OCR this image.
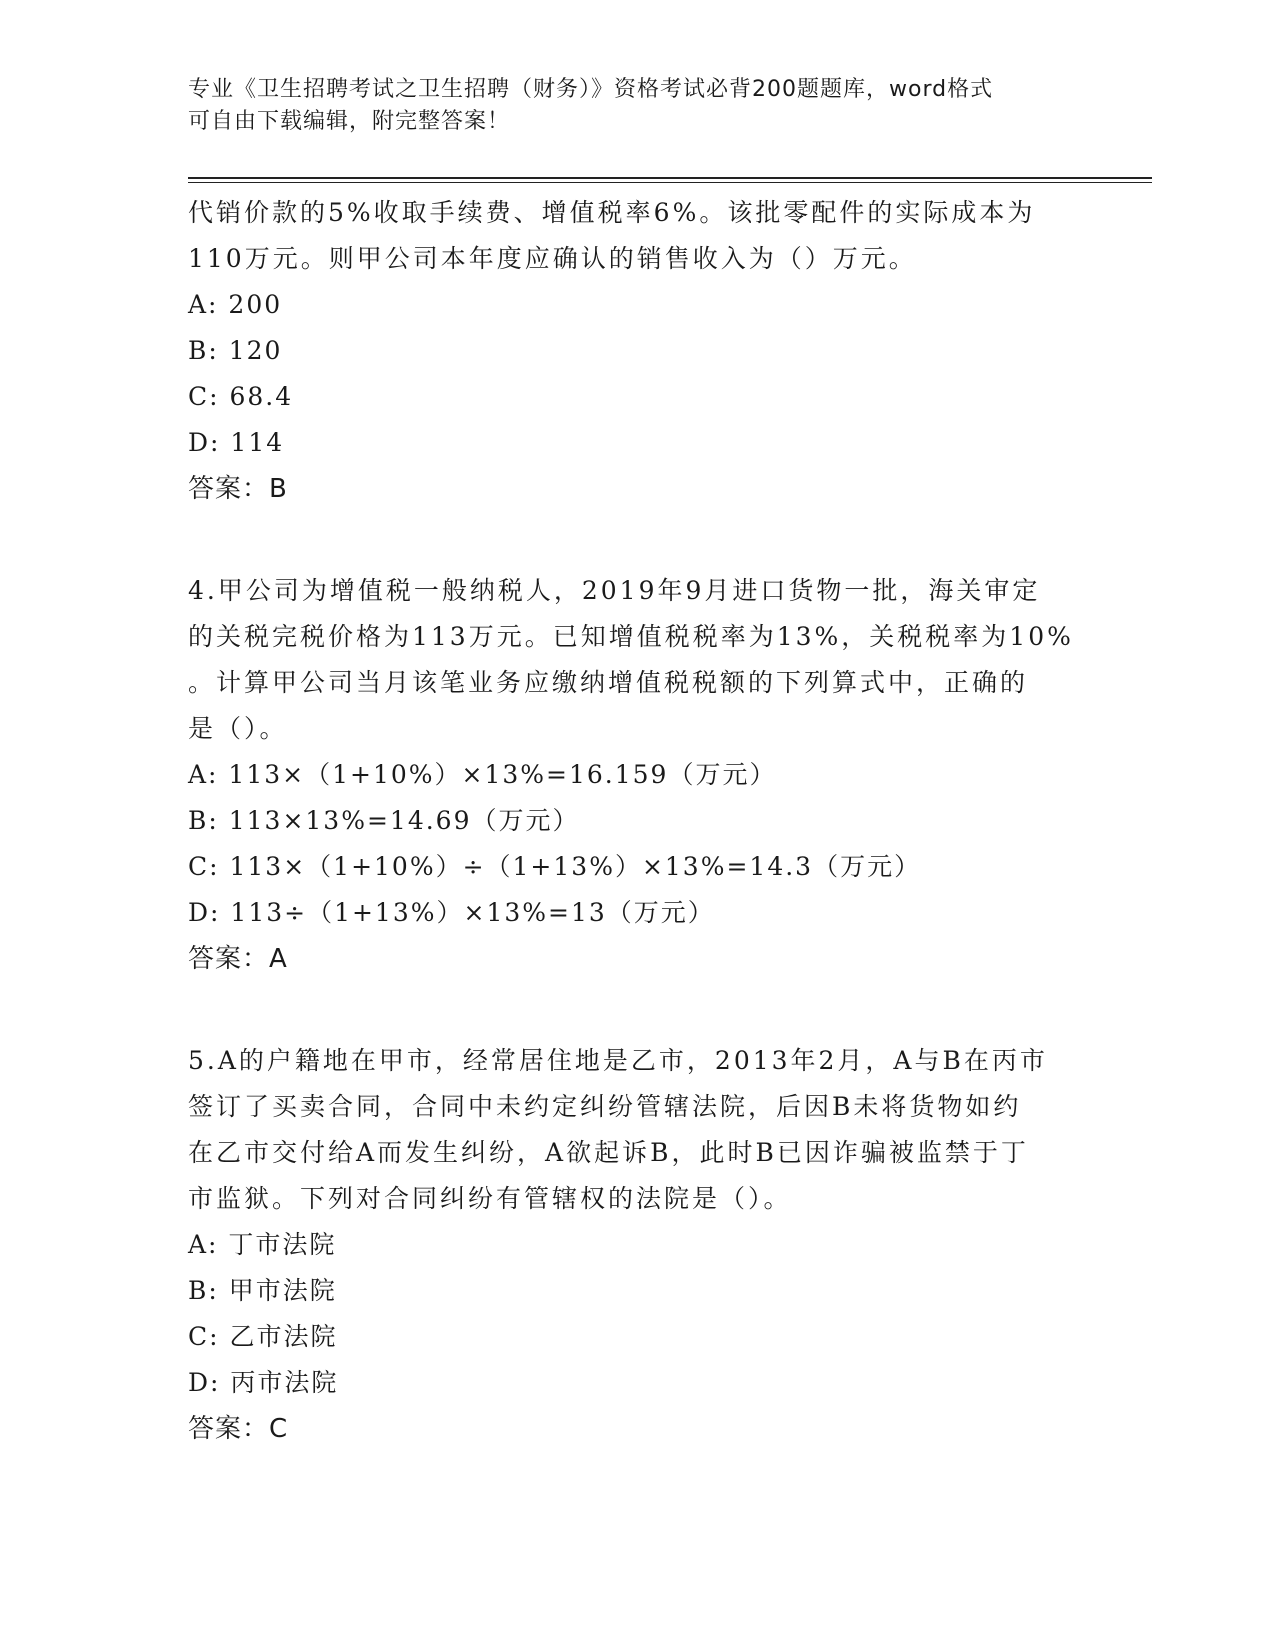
专业《卫生招聘考试之卫生招聘（财务）》资格考试必背200题题库，word格式
可自由下载编辑，附完整答案！
代销价款的5%收取手续费、增值税率6%。该批零配件的实际成本为
110万元。则甲公司本年度应确认的销售收入为（）万元。
A: 200
B: 120
C: 68.4
D: 114
答案：B
4.甲公司为增值税一般纳税人，2019年9月进口货物一批，海关审定
的关税完税价格为113万元。已知增值税税率为13%，关税税率为10%
。计算甲公司当月该笔业务应缴纳增值税税额的下列算式中，正确的
是（）。
A: 113×（1+10%）×13%=16.159（万元）
B: 113×13%=14.69（万元）
C: 113×（1+10%）÷（1+13%）×13%=14.3（万元）
D: 113÷（1+13%）×13%=13（万元）
答案：A
5.A的户籍地在甲市，经常居住地是乙市，2013年2月，A与B在丙市
签订了买卖合同，合同中未约定纠纷管辖法院，后因B未将货物如约
在乙市交付给A而发生纠纷，A欲起诉B，此时B已因诈骗被监禁于丁
市监狱。下列对合同纠纷有管辖权的法院是（）。
A: 丁市法院
B: 甲市法院
C: 乙市法院
D: 丙市法院
答案：C
